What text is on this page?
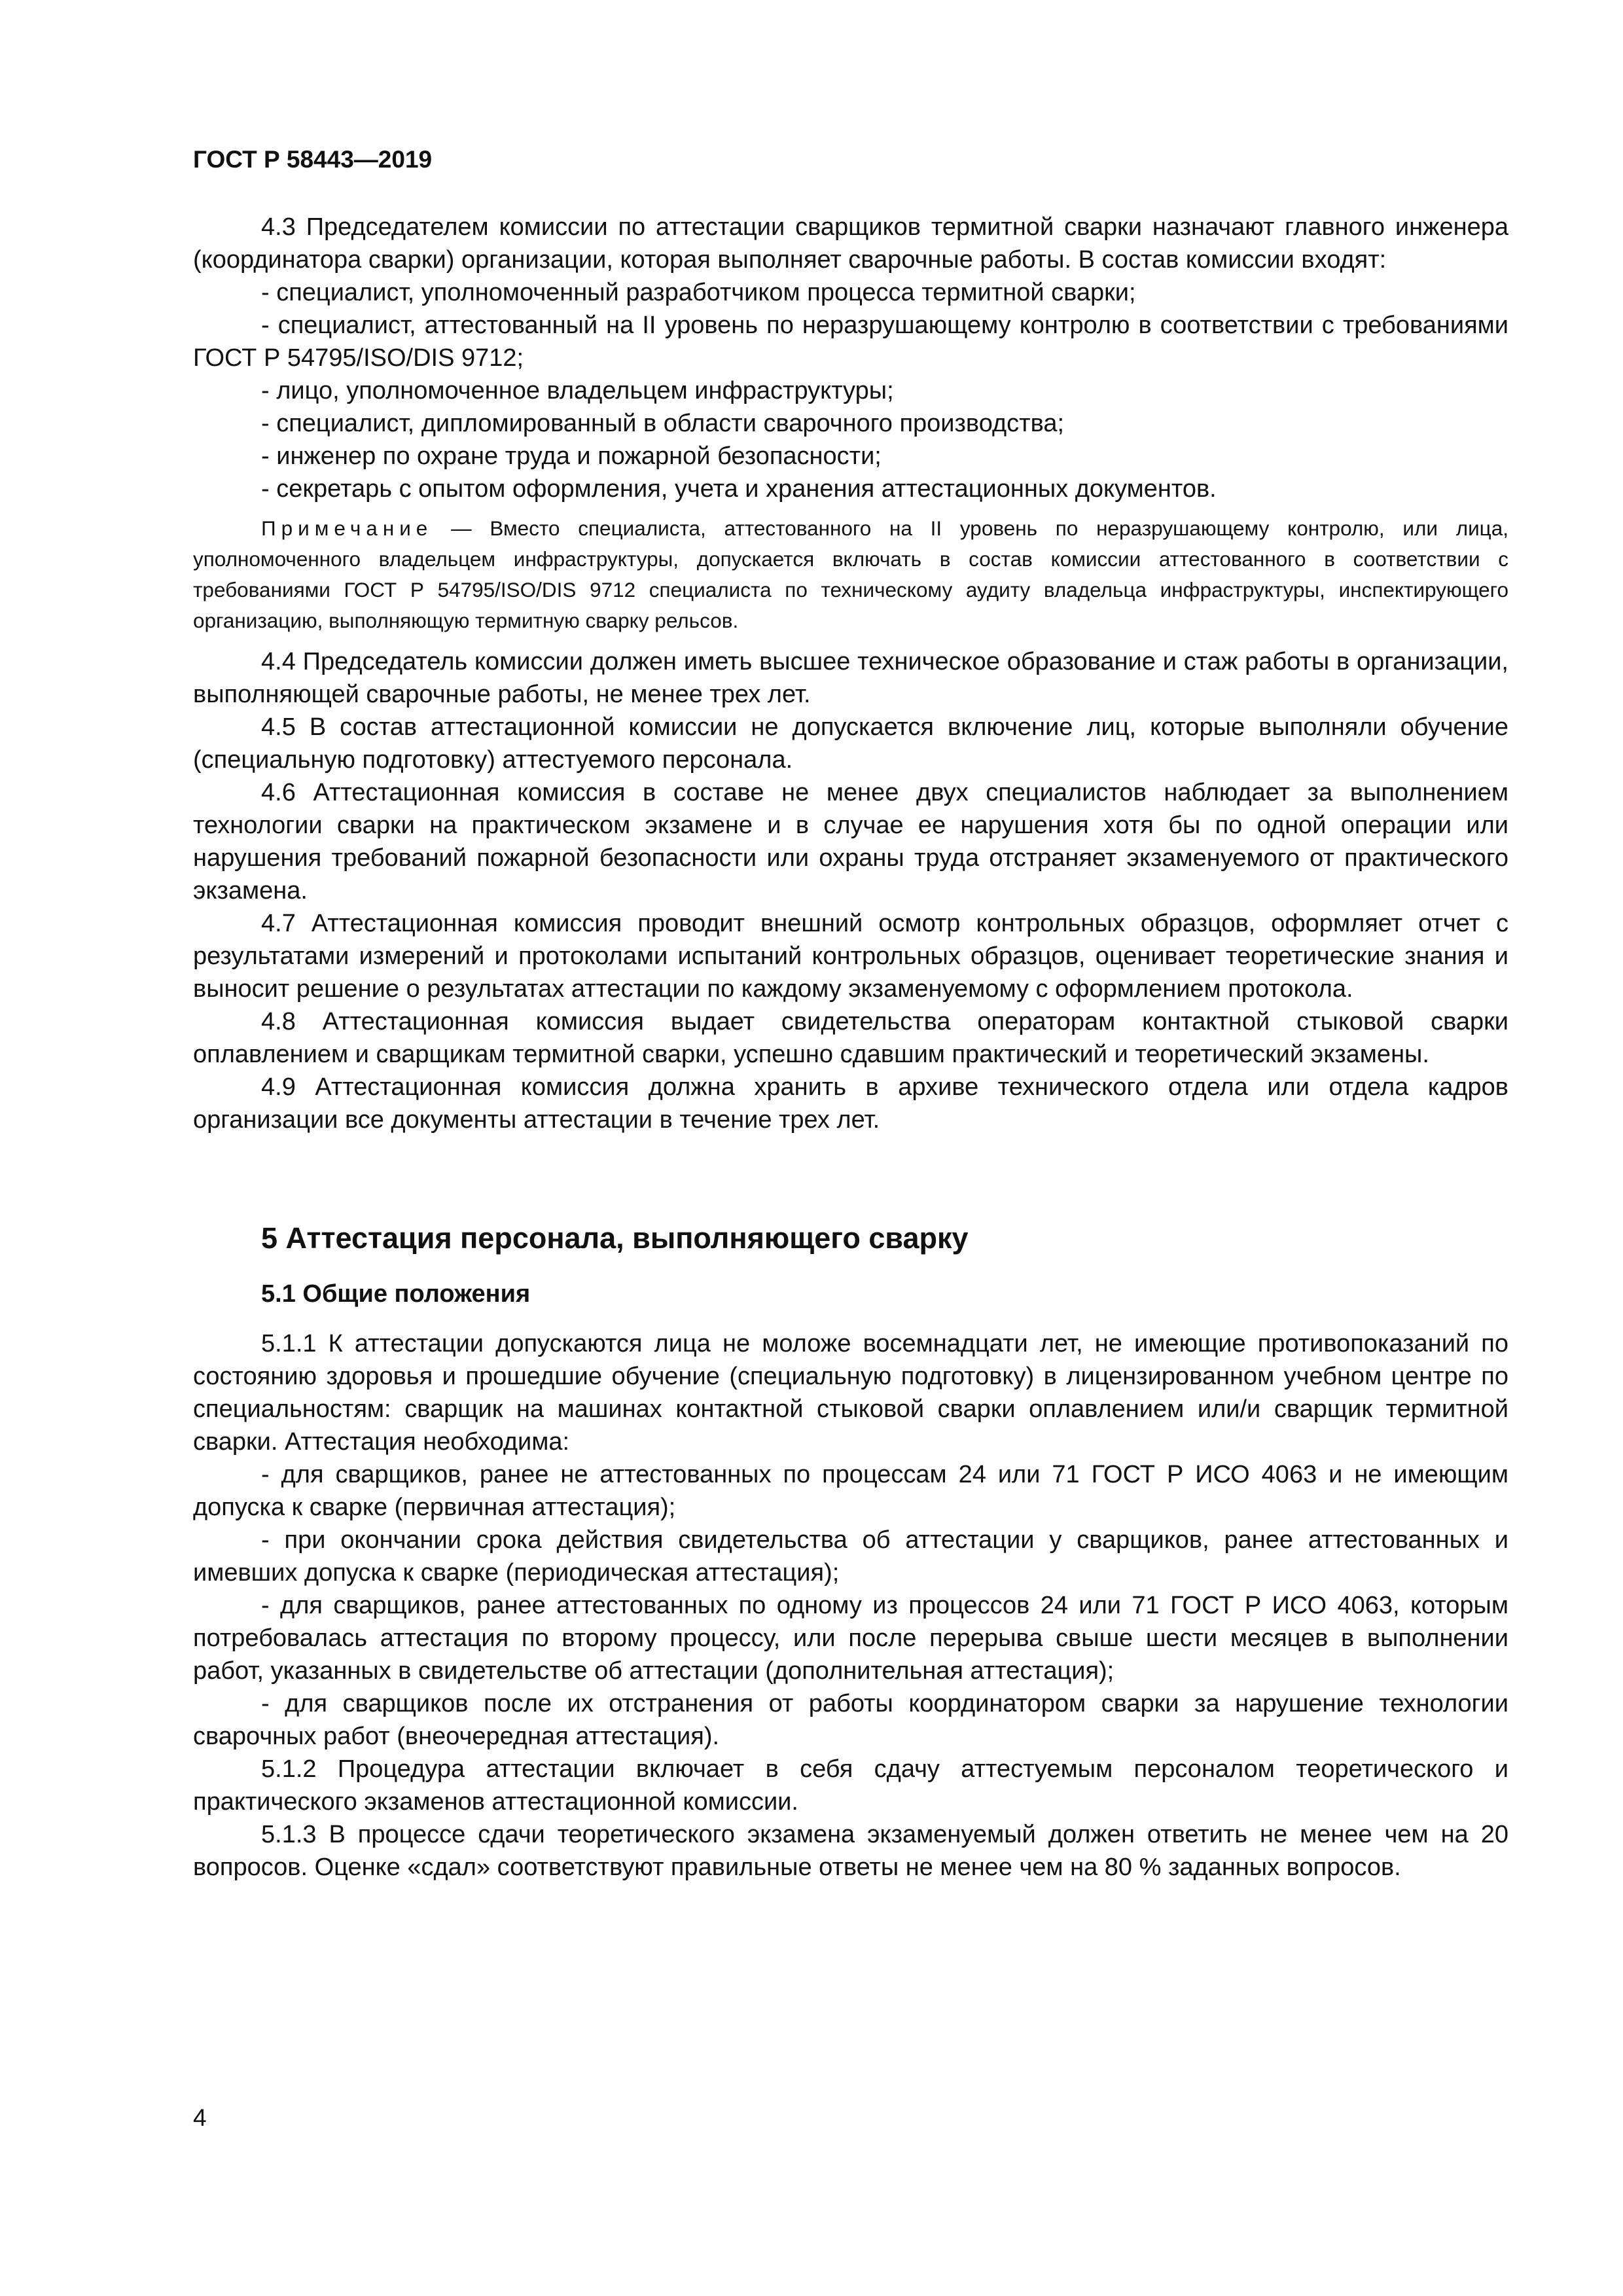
ГОСТ Р 58443—2019

4.3 Председателем комиссии по аттестации сварщиков термитной сварки назначают главного инженера (координатора сварки) организации, которая выполняет сварочные работы. В состав комиссии входят:

- специалист, уполномоченный разработчиком процесса термитной сварки;

- специалист, аттестованный на II уровень по неразрушающему контролю в соответствии с требованиями ГОСТ Р 54795/ISO/DIS 9712;

- лицо, уполномоченное владельцем инфраструктуры;

- специалист, дипломированный в области сварочного производства;

- инженер по охране труда и пожарной безопасности;

- секретарь с опытом оформления, учета и хранения аттестационных документов.

Примечание — Вместо специалиста, аттестованного на II уровень по неразрушающему контролю, или лица, уполномоченного владельцем инфраструктуры, допускается включать в состав комиссии аттестованного в соответствии с требованиями ГОСТ Р 54795/ISO/DIS 9712 специалиста по техническому аудиту владельца инфраструктуры, инспектирующего организацию, выполняющую термитную сварку рельсов.

4.4 Председатель комиссии должен иметь высшее техническое образование и стаж работы в организации, выполняющей сварочные работы, не менее трех лет.

4.5 В состав аттестационной комиссии не допускается включение лиц, которые выполняли обучение (специальную подготовку) аттестуемого персонала.

4.6 Аттестационная комиссия в составе не менее двух специалистов наблюдает за выполнением технологии сварки на практическом экзамене и в случае ее нарушения хотя бы по одной операции или нарушения требований пожарной безопасности или охраны труда отстраняет экзаменуемого от практического экзамена.

4.7 Аттестационная комиссия проводит внешний осмотр контрольных образцов, оформляет отчет с результатами измерений и протоколами испытаний контрольных образцов, оценивает теоретические знания и выносит решение о результатах аттестации по каждому экзаменуемому с оформлением протокола.

4.8 Аттестационная комиссия выдает свидетельства операторам контактной стыковой сварки оплавлением и сварщикам термитной сварки, успешно сдавшим практический и теоретический экзамены.

4.9 Аттестационная комиссия должна хранить в архиве технического отдела или отдела кадров организации все документы аттестации в течение трех лет.

5 Аттестация персонала, выполняющего сварку
5.1 Общие положения

5.1.1 К аттестации допускаются лица не моложе восемнадцати лет, не имеющие противопоказаний по состоянию здоровья и прошедшие обучение (специальную подготовку) в лицензированном учебном центре по специальностям: сварщик на машинах контактной стыковой сварки оплавлением или/и сварщик термитной сварки. Аттестация необходима:

- для сварщиков, ранее не аттестованных по процессам 24 или 71 ГОСТ Р ИСО 4063 и не имеющим допуска к сварке (первичная аттестация);

- при окончании срока действия свидетельства об аттестации у сварщиков, ранее аттестованных и имевших допуска к сварке (периодическая аттестация);

- для сварщиков, ранее аттестованных по одному из процессов 24 или 71 ГОСТ Р ИСО 4063, которым потребовалась аттестация по второму процессу, или после перерыва свыше шести месяцев в выполнении работ, указанных в свидетельстве об аттестации (дополнительная аттестация);

- для сварщиков после их отстранения от работы координатором сварки за нарушение технологии сварочных работ (внеочередная аттестация).

5.1.2 Процедура аттестации включает в себя сдачу аттестуемым персоналом теоретического и практического экзаменов аттестационной комиссии.

5.1.3 В процессе сдачи теоретического экзамена экзаменуемый должен ответить не менее чем на 20 вопросов. Оценке «сдал» соответствуют правильные ответы не менее чем на 80 % заданных вопросов.

4
